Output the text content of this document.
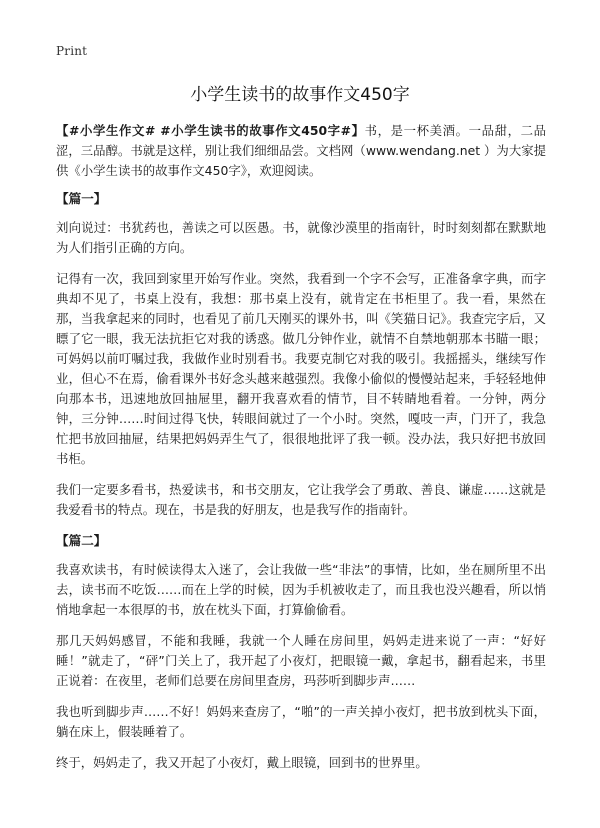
Print
小学生读书的故事作文450字

【#小学生作文# #小学生读书的故事作文450字#】书，是一杯美酒。一品甜，二品涩，三品醇。书就是这样，别让我们细细品尝。文档网（www.wendang.net ）为大家提供《小学生读书的故事作文450字》，欢迎阅读。

【篇一】

刘向说过：书犹药也，善读之可以医愚。书，就像沙漠里的指南针，时时刻刻都在默默地为人们指引正确的方向。

记得有一次，我回到家里开始写作业。突然，我看到一个字不会写，正准备拿字典，而字典却不见了，书桌上没有，我想：那书桌上没有，就肯定在书柜里了。我一看，果然在那，当我拿起来的同时，也看见了前几天刚买的课外书，叫《笑猫日记》。我查完字后，又瞟了它一眼，我无法抗拒它对我的诱惑。做几分钟作业，就情不自禁地朝那本书瞄一眼；可妈妈以前叮嘱过我，我做作业时别看书。我要克制它对我的吸引。我摇摇头，继续写作业，但心不在焉，偷看课外书好念头越来越强烈。我像小偷似的慢慢站起来，手轻轻地伸向那本书，迅速地放回抽屉里，翻开我喜欢看的情节，目不转睛地看着。一分钟，两分钟，三分钟……时间过得飞快，转眼间就过了一个小时。突然，嘎吱一声，门开了，我急忙把书放回抽屉，结果把妈妈弄生气了，很很地批评了我一顿。没办法，我只好把书放回书柜。

我们一定要多看书，热爱读书，和书交朋友，它让我学会了勇敢、善良、谦虚……这就是我爱看书的特点。现在，书是我的好朋友，也是我写作的指南针。

【篇二】

我喜欢读书，有时候读得太入迷了，会让我做一些“非法”的事情，比如，坐在厕所里不出去，读书而不吃饭……而在上学的时候，因为手机被收走了，而且我也没兴趣看，所以悄悄地拿起一本很厚的书，放在枕头下面，打算偷偷看。

那几天妈妈感冒，不能和我睡，我就一个人睡在房间里，妈妈走进来说了一声：“好好睡！”就走了，“砰”门关上了，我开起了小夜灯，把眼镜一戴，拿起书，翻看起来，书里正说着：在夜里，老师们总要在房间里查房，玛莎听到脚步声……

我也听到脚步声……不好！妈妈来查房了，“啪”的一声关掉小夜灯，把书放到枕头下面，躺在床上，假装睡着了。

终于，妈妈走了，我又开起了小夜灯，戴上眼镜，回到书的世界里。
